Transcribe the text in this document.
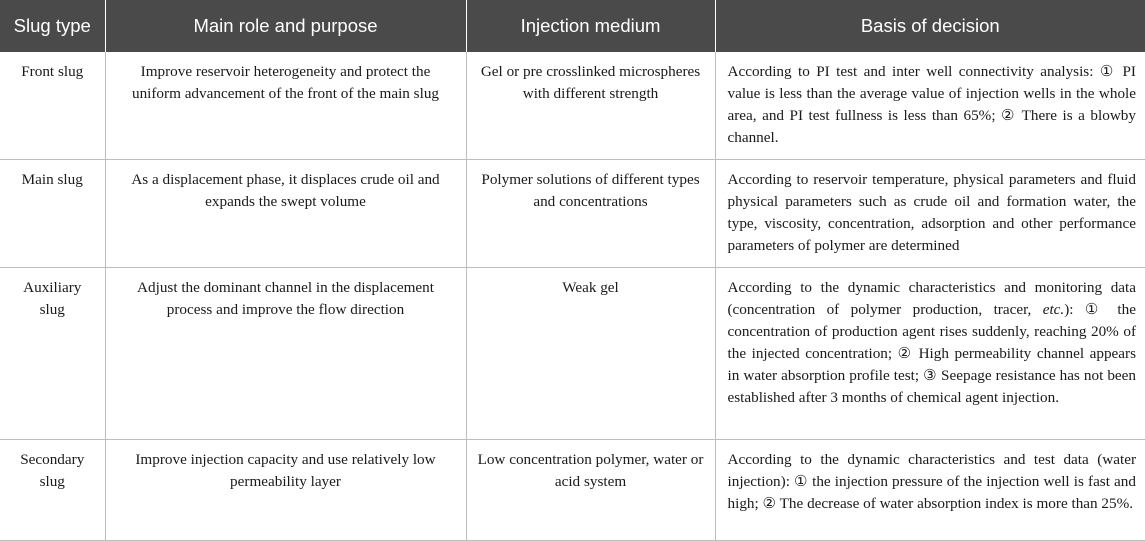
Slug type	Main role and purpose	Injection medium	Basis of decision
Front slug	Improve reservoir heterogeneity and protect the uniform advancement of the front of the main slug	Gel or pre crosslinked microspheres with different strength	According to PI test and inter well connectivity analysis: ① PI value is less than the average value of injection wells in the whole area, and PI test fullness is less than 65%; ② There is a blowby channel.
Main slug	As a displacement phase, it displaces crude oil and expands the swept volume	Polymer solutions of different types and concentrations	According to reservoir temperature, physical parameters and fluid physical parameters such as crude oil and formation water, the type, viscosity, concentration, adsorption and other performance parameters of polymer are determined
Auxiliary slug	Adjust the dominant channel in the displacement process and improve the flow direction	Weak gel	According to the dynamic characteristics and monitoring data (concentration of polymer production, tracer, etc.): ① the concentration of production agent rises suddenly, reaching 20% of the injected concentration; ② High permeability channel appears in water absorption profile test; ③ Seepage resistance has not been established after 3 months of chemical agent injection.
Secondary slug	Improve injection capacity and use relatively low permeability layer	Low concentration polymer, water or acid system	According to the dynamic characteristics and test data (water injection): ① the injection pressure of the injection well is fast and high; ② The decrease of water absorption index is more than 25%.
